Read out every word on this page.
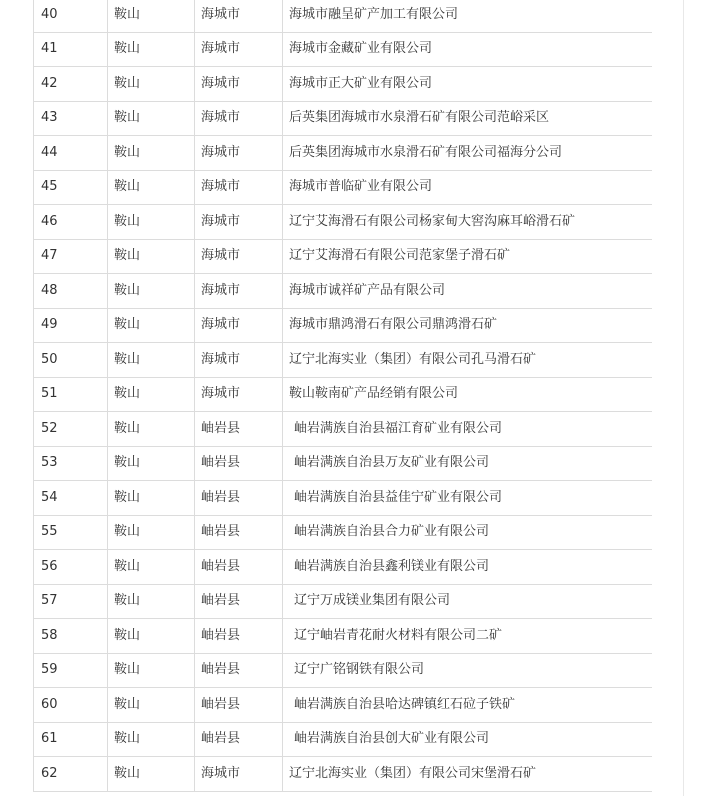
40	鞍山	海城市	海城市融呈矿产加工有限公司
41	鞍山	海城市	海城市金藏矿业有限公司
42	鞍山	海城市	海城市正大矿业有限公司
43	鞍山	海城市	后英集团海城市水泉滑石矿有限公司范峪采区
44	鞍山	海城市	后英集团海城市水泉滑石矿有限公司福海分公司
45	鞍山	海城市	海城市普临矿业有限公司
46	鞍山	海城市	辽宁艾海滑石有限公司杨家甸大窖沟麻耳峪滑石矿
47	鞍山	海城市	辽宁艾海滑石有限公司范家堡子滑石矿
48	鞍山	海城市	海城市诚祥矿产品有限公司
49	鞍山	海城市	海城市鼎鸿滑石有限公司鼎鸿滑石矿
50	鞍山	海城市	辽宁北海实业（集团）有限公司孔马滑石矿
51	鞍山	海城市	鞍山鞍南矿产品经销有限公司
52	鞍山	岫岩县	岫岩满族自治县福江育矿业有限公司
53	鞍山	岫岩县	岫岩满族自治县万友矿业有限公司
54	鞍山	岫岩县	岫岩满族自治县益佳宁矿业有限公司
55	鞍山	岫岩县	岫岩满族自治县合力矿业有限公司
56	鞍山	岫岩县	岫岩满族自治县鑫利镁业有限公司
57	鞍山	岫岩县	辽宁万成镁业集团有限公司
58	鞍山	岫岩县	辽宁岫岩青花耐火材料有限公司二矿
59	鞍山	岫岩县	辽宁广铭钢铁有限公司
60	鞍山	岫岩县	岫岩满族自治县哈达碑镇红石砬子铁矿
61	鞍山	岫岩县	岫岩满族自治县创大矿业有限公司
62	鞍山	海城市	辽宁北海实业（集团）有限公司宋堡滑石矿
